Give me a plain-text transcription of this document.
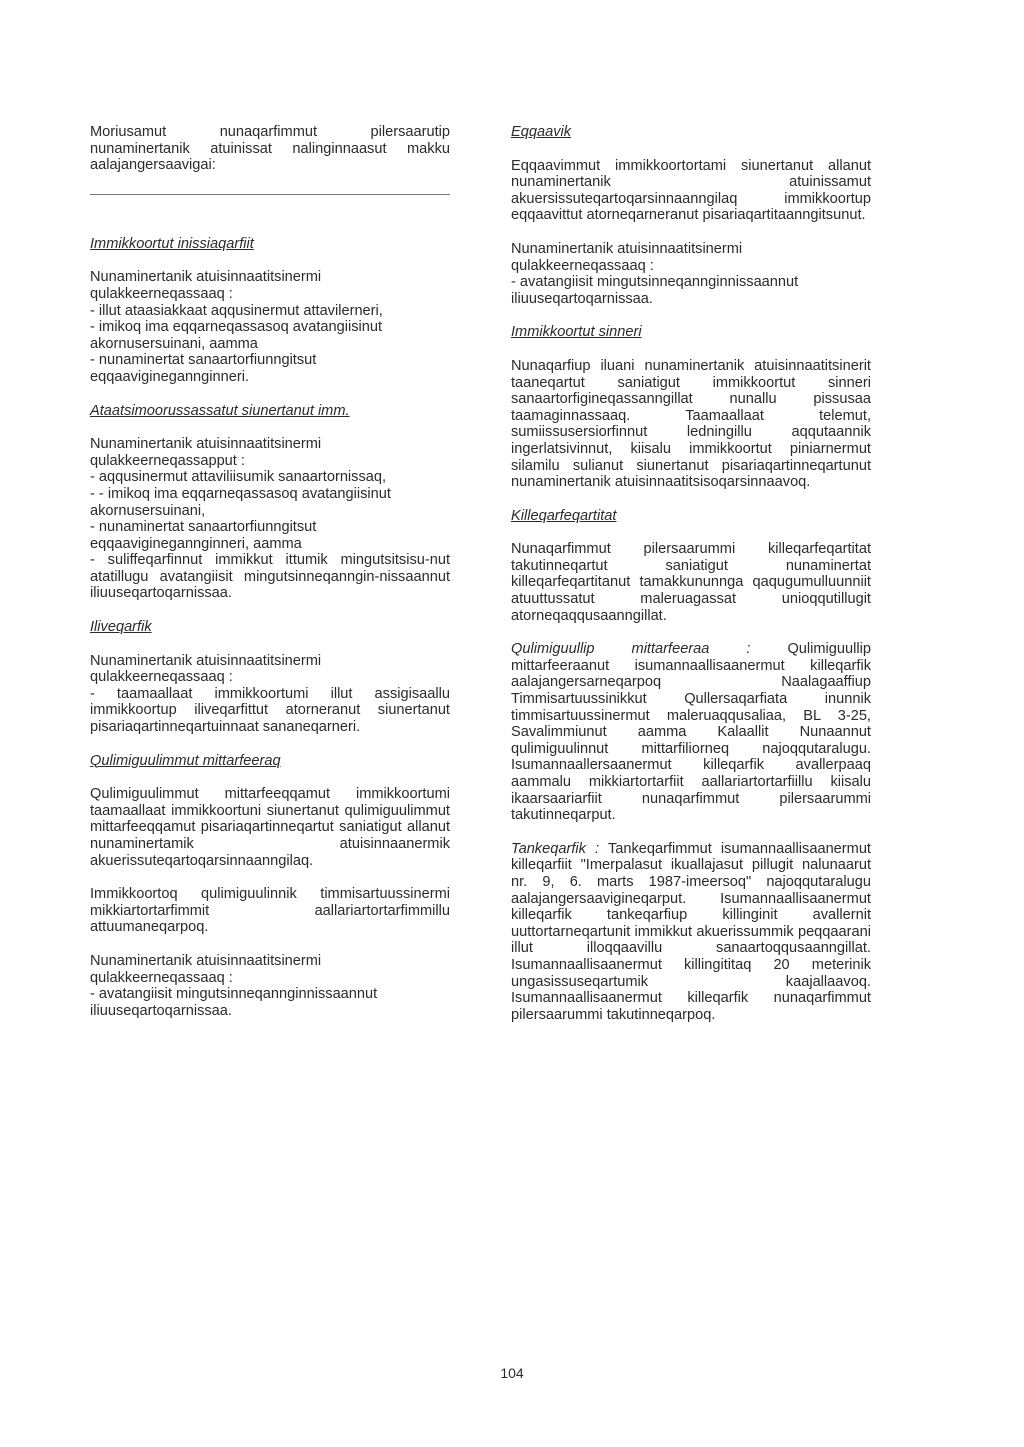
Moriusamut nunaqarfimmut pilersaarutip nunaminertanik atuinissat nalinginnaasut makku aalajangersaavigai:

Immikkoortut inissiaqarfiit

Nunaminertanik atuisinnaatitsinermi qulakkeerneqassaaq :
- illut ataasiakkaat aqqusinermut attavilerneri,
- imikoq ima eqqarneqassasoq avatangiisinut akornusersuinani, aamma
- nunaminertat sanaartorfiunngitsut eqqaaviginegannginneri.

Ataatsimoorussassatut siunertanut imm.

Nunaminertanik atuisinnaatitsinermi qulakkeerneqassapput :
- aqqusinermut attaviliisumik sanaartornissaq,
- - imikoq ima eqqarneqassasoq avatangiisinut akornusersuinani,
- nunaminertat sanaartorfiunngitsut eqqaaviginegannginneri, aamma
- suliffeqarfinnut immikkut ittumik mingutsitsisu-nut atatillugu avatangiisit mingutsinneqanngin-nissaannut iliuuseqartoqarnissaa.

Iliveqarfik

Nunaminertanik atuisinnaatitsinermi qulakkeerneqassaaq :
- taamaallaat immikkoortumi illut assigisaallu immikkoortup iliveqarfittut atorneranut siunertanut pisariaqartinneqartuinnaat sananeqarneri.

Qulimiguulimmut mittarfeeraq

Qulimiguulimmut mittarfeeqqamut immikkoortumi taamaallaat immikkoortuni siunertanut qulimiguulimmut mittarfeeqqamut pisariaqartinneqartut saniatigut allanut nunaminertamik atuisinnaanermik akuerissuteqartoqarsinnaanngilaq.

Immikkoortoq qulimiguulinnik timmisartuussinermi mikkiartortarfimmit aallariartortarfimmillu attuumaneqarpoq.

Nunaminertanik atuisinnaatitsinermi qulakkeerneqassaaq :
- avatangiisit mingutsinneqannginnissaannut iliuuseqartoqarnissaa.

Eqqaavik

Eqqaavimmut immikkoortortami siunertanut allanut nunaminertanik atuinissamut akuersissuteqartoqarsinnaanngilaq immikkoortup eqqaavittut atorneqarneranut pisariaqartitaanngitsunut.

Nunaminertanik atuisinnaatitsinermi qulakkeerneqassaaq :
- avatangiisit mingutsinneqannginnissaannut iliuuseqartoqarnissaa.

Immikkoortut sinneri

Nunaqarfiup iluani nunaminertanik atuisinnaatitsinerit taaneqartut saniatigut immikkoortut sinneri sanaartorfigineqassanngillat nunallu pissusaa taamaginnassaaq. Taamaallaat telemut, sumiissusersiorfinnut ledningillu aqqutaannik ingerlatsivinnut, kiisalu immikkoortut piniarnermut silamilu sulianut siunertanut pisariaqartinneqartunut nunaminertanik atuisinnaatitsisoqarsinnaavoq.

Killeqarfeqartitat

Nunaqarfimmut pilersaarummi killeqarfeqartitat takutinneqartut saniatigut nunaminertat killeqarfeqartitanut tamakkununnga qaqugumulluunniit atuuttussatut maleruagassat unioqqutillugit atorneqaqqusaanngillat.

Qulimiguullip mittarfeeraa :	Qulimiguullip mittarfeeraanut isumannaallisaanermut killeqarfik aalajangersarneqarpoq Naalagaaffiup Timmisartuussinikkut Qullersaqarfiata inunnik timmisartuussinermut maleruaqqusaliaa, BL 3-25, Savalimmiunut aamma Kalaallit Nunaannut qulimiguulinnut mittarfiliorneq najoqqutaralugu. Isumannaallersaanermut killeqarfik avallerpaaq aammalu mikkiartortarfiit aallariartortarfiillu kiisalu ikaarsaariarfiit nunaqarfimmut pilersaarummi takutinneqarput.

Tankeqarfik : Tankeqarfimmut isumannaallisaanermut killeqarfiit "Imerpalasut ikuallajasut pillugit nalunaarut nr. 9, 6. marts 1987-imeersoq" najoqqutaralugu aalajangersaavigineqarput. Isumannaallisaanermut killeqarfik tankeqarfiup killinginit avallernit uuttortarneqartunit immikkut akuerissummik peqqaarani illut illoqqaavillu sanaartoqqusaanngillat. Isumannaallisaanermut killingititaq 20 meterinik ungasissuseqartumik kaajallaavoq. Isumannaallisaanermut killeqarfik nunaqarfimmut pilersaarummi takutinneqarpoq.

104
